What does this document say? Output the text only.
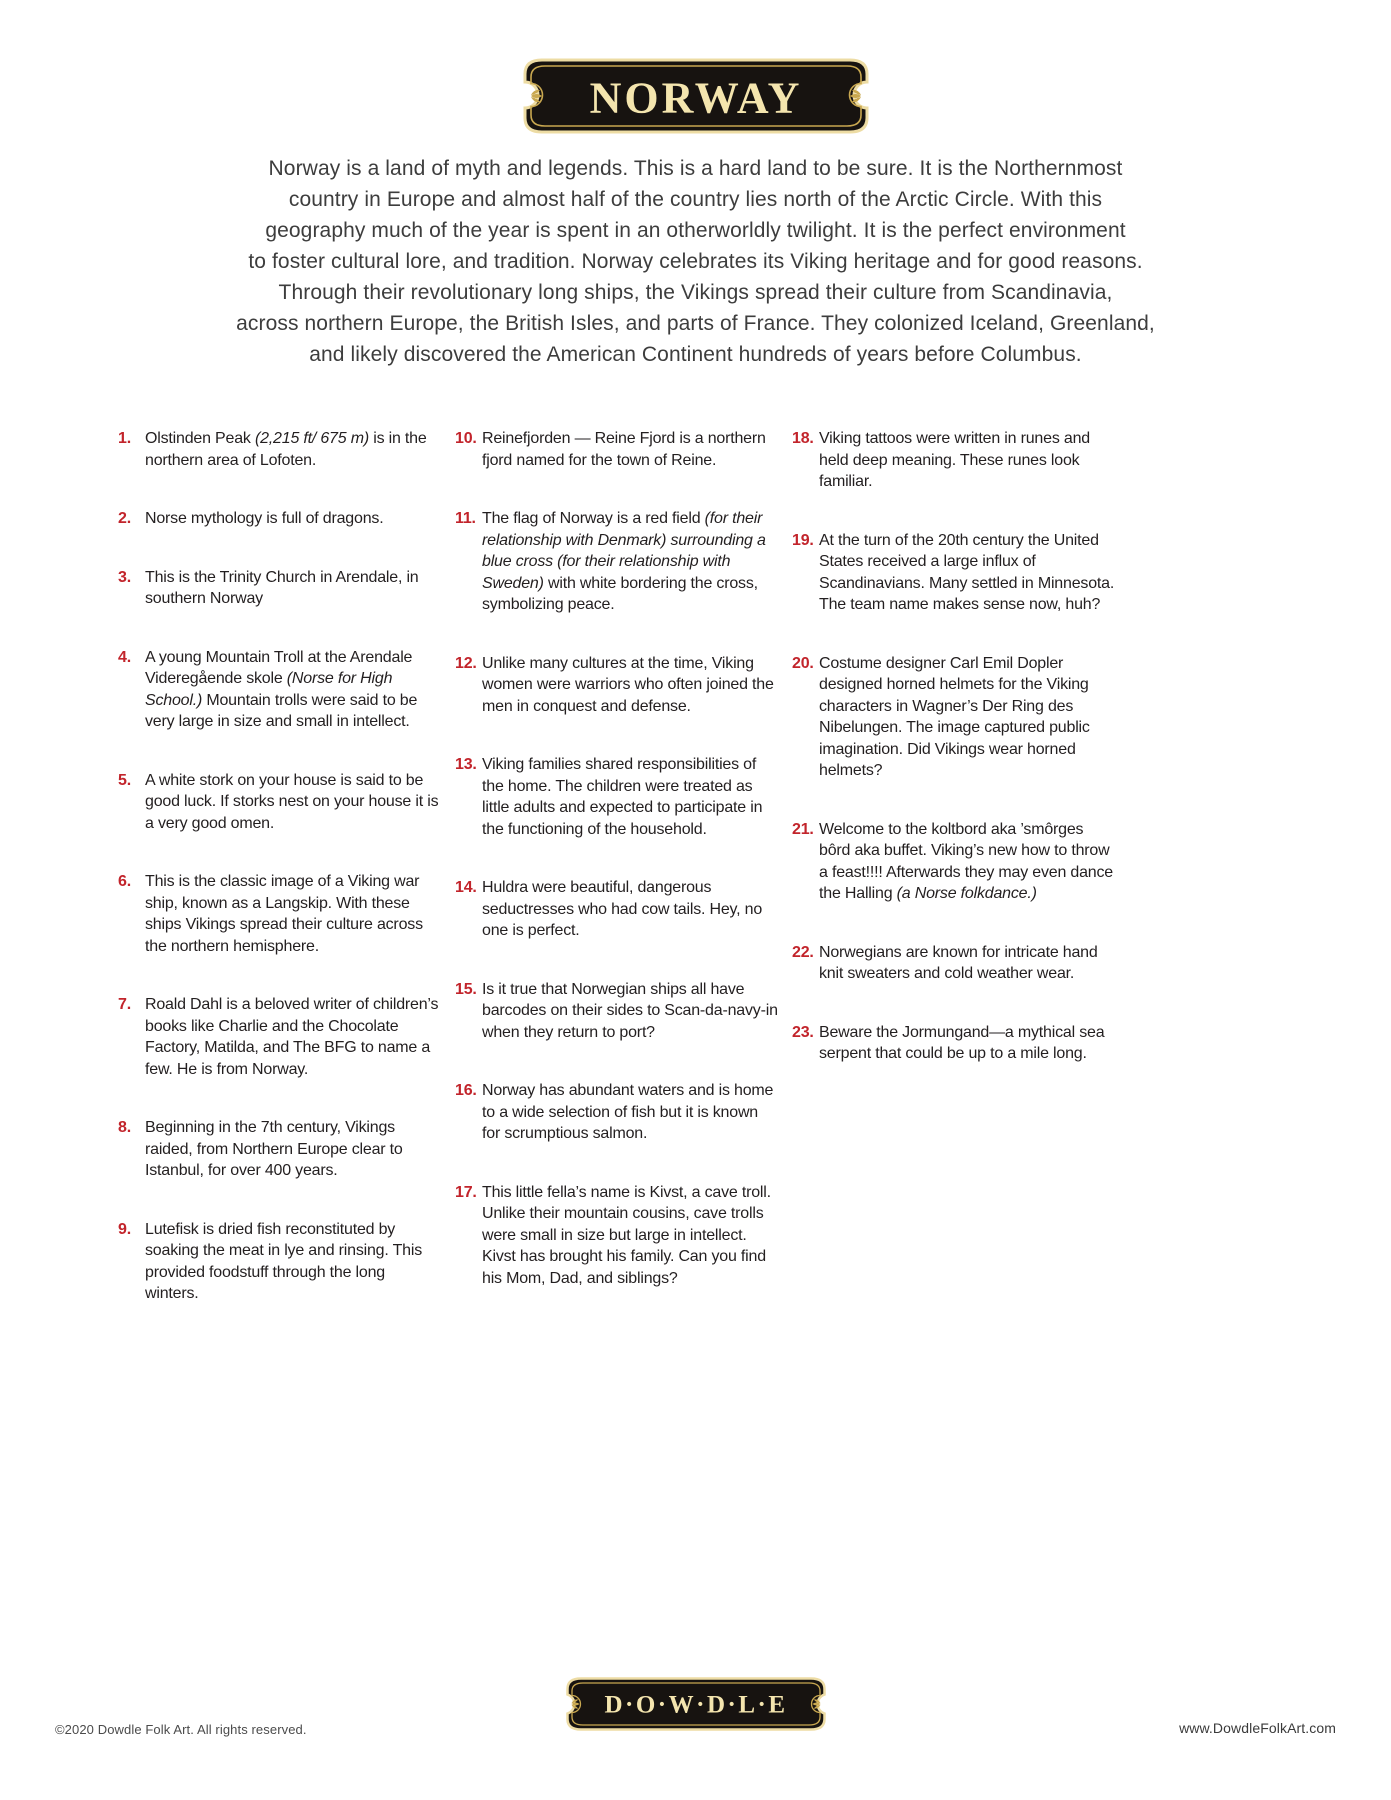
NORWAY
Norway is a land of myth and legends. This is a hard land to be sure. It is the Northernmost
country in Europe and almost half of the country lies north of the Arctic Circle. With this
geography much of the year is spent in an otherworldly twilight. It is the perfect environment
to foster cultural lore, and tradition. Norway celebrates its Viking heritage and for good reasons.
Through their revolutionary long ships, the Vikings spread their culture from Scandinavia,
across northern Europe, the British Isles, and parts of France. They colonized Iceland, Greenland,
and likely discovered the American Continent hundreds of years before Columbus.
1. Olstinden Peak (2,215 ft/ 675 m) is in the northern area of Lofoten.
2. Norse mythology is full of dragons.
3. This is the Trinity Church in Arendale, in southern Norway
4. A young Mountain Troll at the Arendale Videregående skole (Norse for High School.) Mountain trolls were said to be very large in size and small in intellect.
5. A white stork on your house is said to be good luck. If storks nest on your house it is a very good omen.
6. This is the classic image of a Viking war ship, known as a Langskip. With these ships Vikings spread their culture across the northern hemisphere.
7. Roald Dahl is a beloved writer of children’s books like Charlie and the Chocolate Factory, Matilda, and The BFG to name a few. He is from Norway.
8. Beginning in the 7th century, Vikings raided, from Northern Europe clear to Istanbul, for over 400 years.
9. Lutefisk is dried fish reconstituted by soaking the meat in lye and rinsing. This provided foodstuff through the long winters.
10. Reinefjorden — Reine Fjord is a northern fjord named for the town of Reine.
11. The flag of Norway is a red field (for their relationship with Denmark) surrounding a blue cross (for their relationship with Sweden) with white bordering the cross, symbolizing peace.
12. Unlike many cultures at the time, Viking women were warriors who often joined the men in conquest and defense.
13. Viking families shared responsibilities of the home. The children were treated as little adults and expected to participate in the functioning of the household.
14. Huldra were beautiful, dangerous seductresses who had cow tails. Hey, no one is perfect.
15. Is it true that Norwegian ships all have barcodes on their sides to Scan-da-navy-in when they return to port?
16. Norway has abundant waters and is home to a wide selection of fish but it is known for scrumptious salmon.
17. This little fella’s name is Kivst, a cave troll. Unlike their mountain cousins, cave trolls were small in size but large in intellect. Kivst has brought his family. Can you find his Mom, Dad, and siblings?
18. Viking tattoos were written in runes and held deep meaning. These runes look familiar.
19. At the turn of the 20th century the United States received a large influx of Scandinavians. Many settled in Minnesota. The team name makes sense now, huh?
20. Costume designer Carl Emil Dopler designed horned helmets for the Viking characters in Wagner’s Der Ring des Nibelungen. The image captured public imagination. Did Vikings wear horned helmets?
21. Welcome to the koltbord aka ’smôrges bôrd aka buffet. Viking’s new how to throw a feast!!!! Afterwards they may even dance the Halling (a Norse folkdance.)
22. Norwegians are known for intricate hand knit sweaters and cold weather wear.
23. Beware the Jormungand—a mythical sea serpent that could be up to a mile long.
D·O·W·D·L·E
©2020 Dowdle Folk Art. All rights reserved.	www.DowdleFolkArt.com
